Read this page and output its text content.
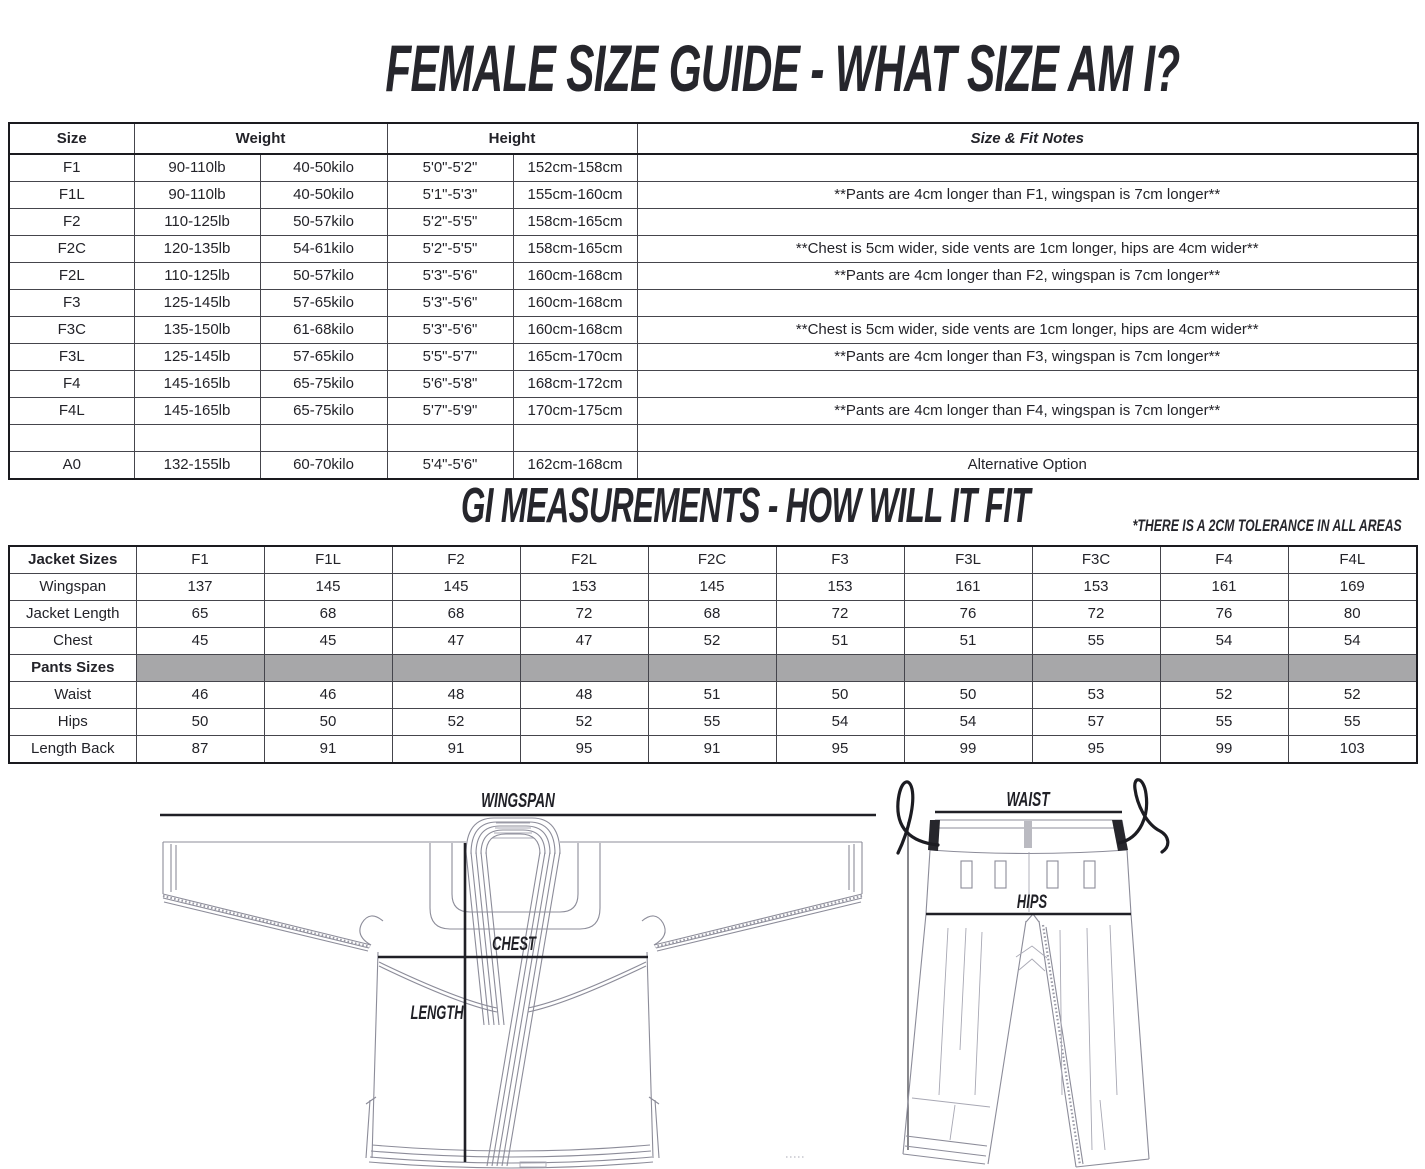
FEMALE SIZE GUIDE - WHAT SIZE AM I?
Size	Weight		Height		Size & Fit Notes
F1	90-110lb	40-50kilo	5'0"-5'2"	152cm-158cm	
F1L	90-110lb	40-50kilo	5'1"-5'3"	155cm-160cm	**Pants are 4cm longer than F1, wingspan is 7cm longer**
F2	110-125lb	50-57kilo	5'2"-5'5"	158cm-165cm	
F2C	120-135lb	54-61kilo	5'2"-5'5"	158cm-165cm	**Chest is 5cm wider, side vents are 1cm longer, hips are 4cm wider**
F2L	110-125lb	50-57kilo	5'3"-5'6"	160cm-168cm	**Pants are 4cm longer than F2, wingspan is 7cm longer**
F3	125-145lb	57-65kilo	5'3"-5'6"	160cm-168cm	
F3C	135-150lb	61-68kilo	5'3"-5'6"	160cm-168cm	**Chest is 5cm wider, side vents are 1cm longer, hips are 4cm wider**
F3L	125-145lb	57-65kilo	5'5"-5'7"	165cm-170cm	**Pants are 4cm longer than F3, wingspan is 7cm longer**
F4	145-165lb	65-75kilo	5'6"-5'8"	168cm-172cm	
F4L	145-165lb	65-75kilo	5'7"-5'9"	170cm-175cm	**Pants are 4cm longer than F4, wingspan is 7cm longer**

A0	132-155lb	60-70kilo	5'4"-5'6"	162cm-168cm	Alternative Option
GI MEASUREMENTS - HOW WILL IT FIT	*THERE IS A 2CM TOLERANCE IN ALL AREAS
Jacket Sizes	F1	F1L	F2	F2L	F2C	F3	F3L	F3C	F4	F4L
Wingspan	137	145	145	153	145	153	161	153	161	169
Jacket Length	65	68	68	72	68	72	76	72	76	80
Chest	45	45	47	47	52	51	51	55	54	54
Pants Sizes										
Waist	46	46	48	48	51	50	50	53	52	52
Hips	50	50	52	52	55	54	54	57	55	55
Length Back	87	91	91	95	91	95	99	95	99	103
WINGSPAN
CHEST
LENGTH
WAIST
HIPS
